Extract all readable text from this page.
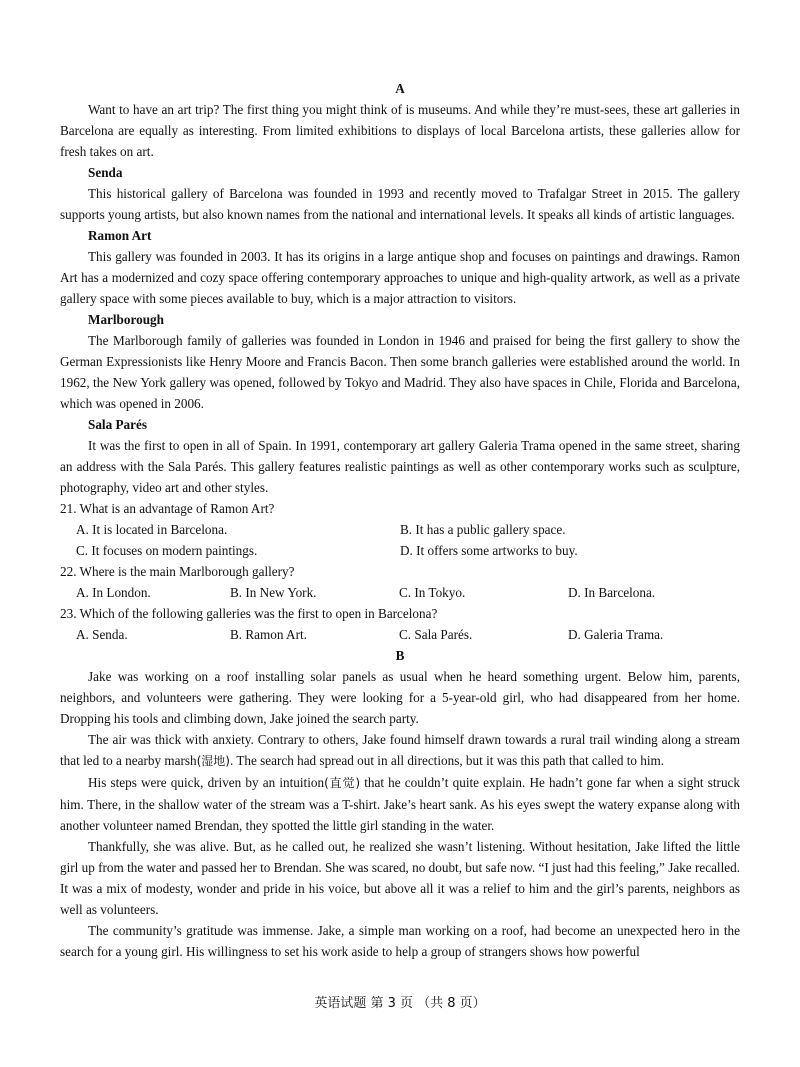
A

Want to have an art trip? The first thing you might think of is museums. And while they’re must-sees, these art galleries in Barcelona are equally as interesting. From limited exhibitions to displays of local Barcelona artists, these galleries allow for fresh takes on art.

Senda

This historical gallery of Barcelona was founded in 1993 and recently moved to Trafalgar Street in 2015. The gallery supports young artists, but also known names from the national and international levels. It speaks all kinds of artistic languages.

Ramon Art

This gallery was founded in 2003. It has its origins in a large antique shop and focuses on paintings and drawings. Ramon Art has a modernized and cozy space offering contemporary approaches to unique and high-quality artwork, as well as a private gallery space with some pieces available to buy, which is a major attraction to visitors.

Marlborough

The Marlborough family of galleries was founded in London in 1946 and praised for being the first gallery to show the German Expressionists like Henry Moore and Francis Bacon. Then some branch galleries were established around the world. In 1962, the New York gallery was opened, followed by Tokyo and Madrid. They also have spaces in Chile, Florida and Barcelona, which was opened in 2006.

Sala Parés

It was the first to open in all of Spain. In 1991, contemporary art gallery Galeria Trama opened in the same street, sharing an address with the Sala Parés. This gallery features realistic paintings as well as other contemporary works such as sculpture, photography, video art and other styles.

21. What is an advantage of Ramon Art?
A. It is located in Barcelona.	B. It has a public gallery space.
C. It focuses on modern paintings.	D. It offers some artworks to buy.
22. Where is the main Marlborough gallery?
A. In London.	B. In New York.	C. In Tokyo.	D. In Barcelona.
23. Which of the following galleries was the first to open in Barcelona?
A. Senda.	B. Ramon Art.	C. Sala Parés.	D. Galeria Trama.
B

Jake was working on a roof installing solar panels as usual when he heard something urgent. Below him, parents, neighbors, and volunteers were gathering. They were looking for a 5-year-old girl, who had disappeared from her home. Dropping his tools and climbing down, Jake joined the search party.

The air was thick with anxiety. Contrary to others, Jake found himself drawn towards a rural trail winding along a stream that led to a nearby marsh(湿地). The search had spread out in all directions, but it was this path that called to him.

His steps were quick, driven by an intuition(直觉) that he couldn’t quite explain. He hadn’t gone far when a sight struck him. There, in the shallow water of the stream was a T-shirt. Jake’s heart sank. As his eyes swept the watery expanse along with another volunteer named Brendan, they spotted the little girl standing in the water.

Thankfully, she was alive. But, as he called out, he realized she wasn’t listening. Without hesitation, Jake lifted the little girl up from the water and passed her to Brendan. She was scared, no doubt, but safe now. “I just had this feeling,” Jake recalled. It was a mix of modesty, wonder and pride in his voice, but above all it was a relief to him and the girl’s parents, neighbors as well as volunteers.

The community’s gratitude was immense. Jake, a simple man working on a roof, had become an unexpected hero in the search for a young girl. His willingness to set his work aside to help a group of strangers shows how powerful

英语试题 第 3 页 （共 8 页）
